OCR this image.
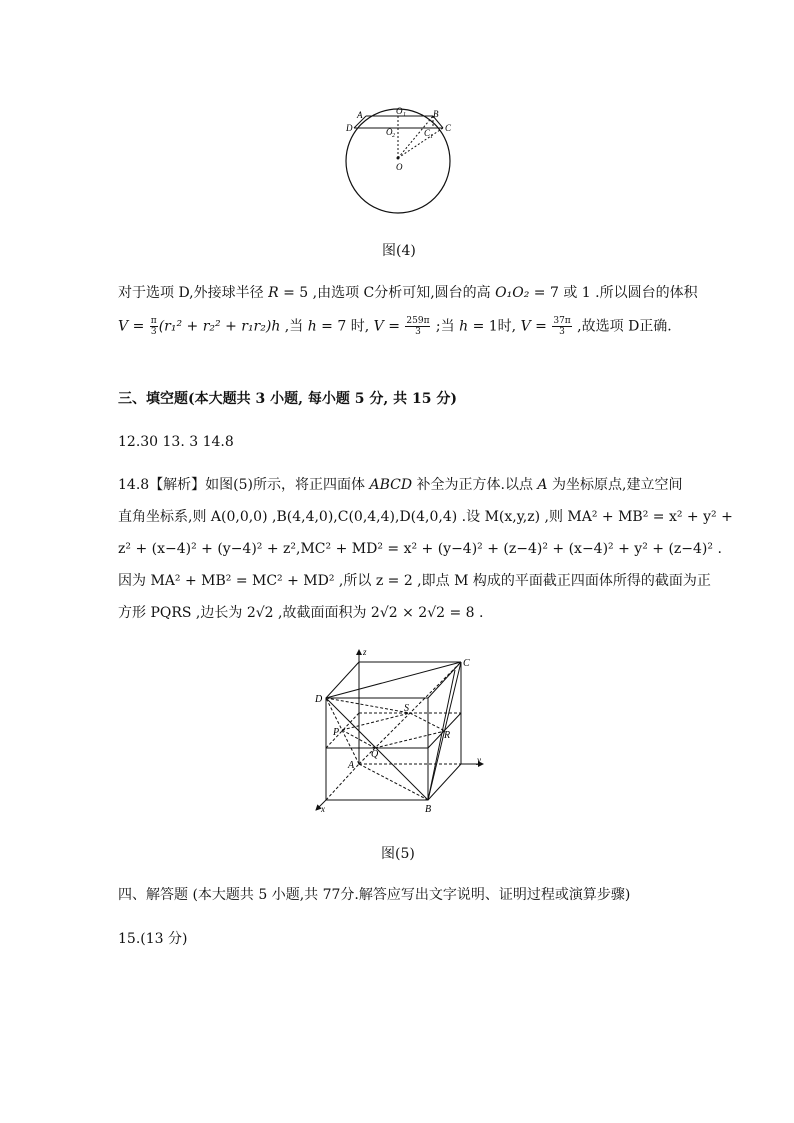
A	O 1	B
D	O 2	C 1
C
O
图(4)
对于选项 D,外接球半径 R = 5 ,由选项 C分析可知,圆台的高 O₁O₂ = 7 或 1 .所以圆台的体积
$V = \frac{\pi}{3} (r_1^2 + r_2^2 + r_1r_2)h$ ,当 h = 7 时, $V = \frac{259\pi}{3}$ ;当 h = 1时, $V = \frac{37\pi}{3}$ ,故选项 D正确.
三、填空题(本大题共 3 小题, 每小题 5 分, 共 15 分)
12.30 13. 3 14.8
14.8【解析】如图(5)所示，将正四面体 ABCD 补全为正方体.以点 A 为坐标原点,建立空间
直角坐标系,则 A(0,0,0) ,B(4,4,0),C(0,4,4),D(4,0,4) .设 M(x,y,z) ,则 MA² + MB² = x² + y² +
z² + (x−4)² + (y−4)² + z²,MC² + MD² = x² + (y−4)² + (z−4)² + (x−4)² + y² + (z−4)² .
因为 MA² + MB² = MC² + MD² ,所以 z = 2 ,即点 M 构成的平面截正四面体所得的截面为正
方形 PQRS ,边长为 2√2 ,故截面面积为 2√2 × 2√2 = 8 .
z
C
D
S
P	R
Q
A	y
x	B
图(5)
四、解答题 (本大题共 5 小题,共 77分.解答应写出文字说明、证明过程或演算步骤)
15.(13 分)
